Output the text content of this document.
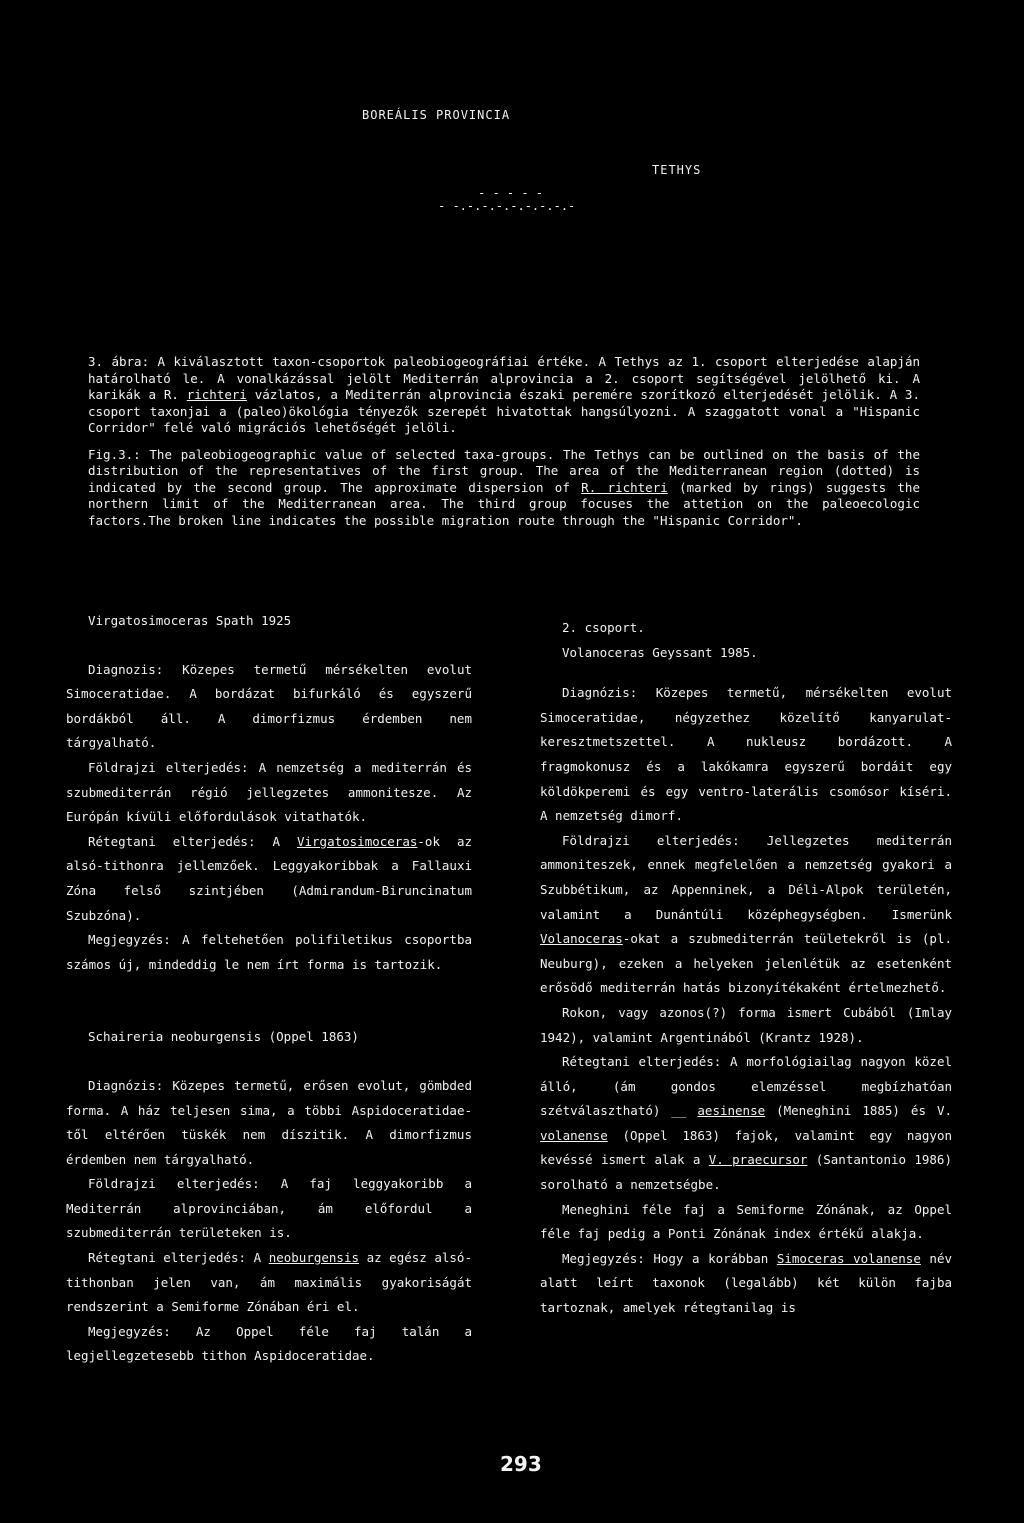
BOREÁLIS PROVINCIA
TETHYS
- - - - -
- -.-.-.-.-.-.-.-.-

3. ábra: A kiválasztott taxon-csoportok paleobiogeográfiai értéke. A Tethys az 1. csoport elterjedése alapján határolható le. A vonalkázással jelölt Mediterrán alprovincia a 2. csoport segítségével jelölhető ki. A karikák a R. richteri vázlatos, a Mediterrán alprovincia északi peremére szorítkozó elterjedését jelölik. A 3. csoport taxonjai a (paleo)ökológia tényezők szerepét hivatottak hangsúlyozni. A szaggatott vonal a "Hispanic Corridor" felé való migrációs lehetőségét jelöli.

Fig.3.: The paleobiogeographic value of selected taxa-groups. The Tethys can be outlined on the basis of the distribution of the representatives of the first group. The area of the Mediterranean region (dotted) is indicated by the second group. The approximate dispersion of R. richteri (marked by rings) suggests the northern limit of the Mediterranean area. The third group focuses the attetion on the paleoecologic factors.The broken line indicates the possible migration route through the "Hispanic Corridor".

Virgatosimoceras Spath 1925

Diagnozis: Közepes termetű mérsékelten evolut Simoceratidae. A bordázat bifurkáló és egyszerű bordákból áll. A dimorfizmus érdemben nem tárgyalható.

Földrajzi elterjedés: A nemzetség a mediterrán és szubmediterrán régió jellegzetes ammonitesze. Az Európán kívüli előfordulások vitathatók.

Rétegtani elterjedés: A Virgatosimoceras-ok az alsó-tithonra jellemzőek. Leggyakoribbak a Fallauxi Zóna felső szintjében (Admirandum-Biruncinatum Szubzóna).

Megjegyzés: A feltehetően polifiletikus csoportba számos új, mindeddig le nem írt forma is tartozik.

Schaireria neoburgensis (Oppel 1863)

Diagnózis: Közepes termetű, erősen evolut, gömbded forma. A ház teljesen sima, a többi Aspidoceratidae-től eltérően tüskék nem díszitik. A dimorfizmus érdemben nem tárgyalható.

Földrajzi elterjedés: A faj leggyakoribb a Mediterrán alprovinciában, ám előfordul a szubmediterrán területeken is.

Rétegtani elterjedés: A neoburgensis az egész alsó-tithonban jelen van, ám maximális gyakoriságát rendszerint a Semiforme Zónában éri el.

Megjegyzés: Az Oppel féle faj talán a legjellegzetesebb tithon Aspidoceratidae.

2. csoport.

Volanoceras Geyssant 1985.

Diagnózis: Közepes termetű, mérsékelten evolut Simoceratidae, négyzethez közelítő kanyarulat-keresztmetszettel. A nukleusz bordázott. A fragmokonusz és a lakókamra egyszerű bordáit egy köldökperemi és egy ventro-laterális csomósor kíséri. A nemzetség dimorf.

Földrajzi elterjedés: Jellegzetes mediterrán ammoniteszek, ennek megfelelően a nemzetség gyakori a Szubbétikum, az Appenninek, a Déli-Alpok területén, valamint a Dunántúli középhegységben. Ismerünk Volanoceras-okat a szubmediterrán teületekről is (pl. Neuburg), ezeken a helyeken jelenlétük az esetenként erősödő mediterrán hatás bizonyítékaként értelmezhető.

Rokon, vagy azonos(?) forma ismert Cubából (Imlay 1942), valamint Argentinából (Krantz 1928).

Rétegtani elterjedés: A morfológiailag nagyon közel álló, (ám gondos elemzéssel megbízhatóan szétválasztható) __ aesinense (Meneghini 1885) és V. volanense (Oppel 1863) fajok, valamint egy nagyon kevéssé ismert alak a V. praecursor (Santantonio 1986) sorolható a nemzetségbe.

Meneghini féle faj a Semiforme Zónának, az Oppel féle faj pedig a Ponti Zónának index értékű alakja.

Megjegyzés: Hogy a korábban Simoceras volanense név alatt leírt taxonok (legalább) két külön fajba tartoznak, amelyek rétegtanilag is

293
